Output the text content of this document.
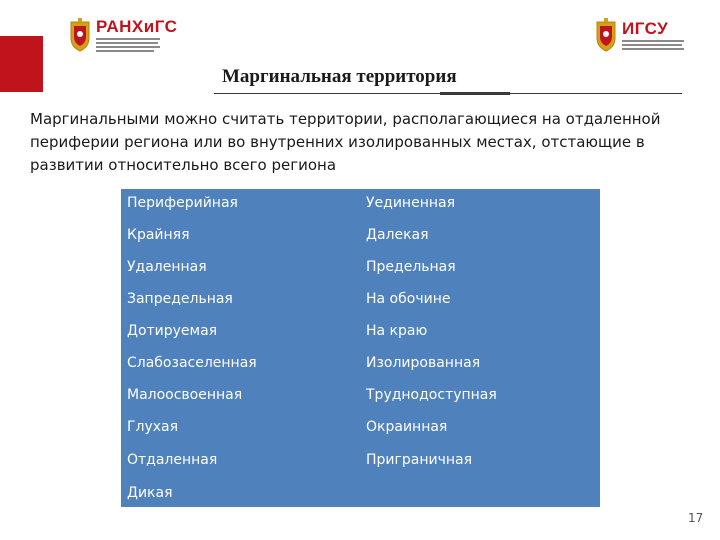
РАНХиГС	ИГСУ
Маргинальная территория
Маргинальными можно считать территории, располагающиеся на отдаленной периферии региона или во внутренних изолированных местах, отстающие в развитии относительно всего региона
Периферийная	Уединенная
Крайняя	Далекая
Удаленная	Предельная
Запредельная	На обочине
Дотируемая	На краю
Слабозаселенная	Изолированная
Малоосвоенная	Труднодоступная
Глухая	Окраинная
Отдаленная	Приграничная
Дикая
17
